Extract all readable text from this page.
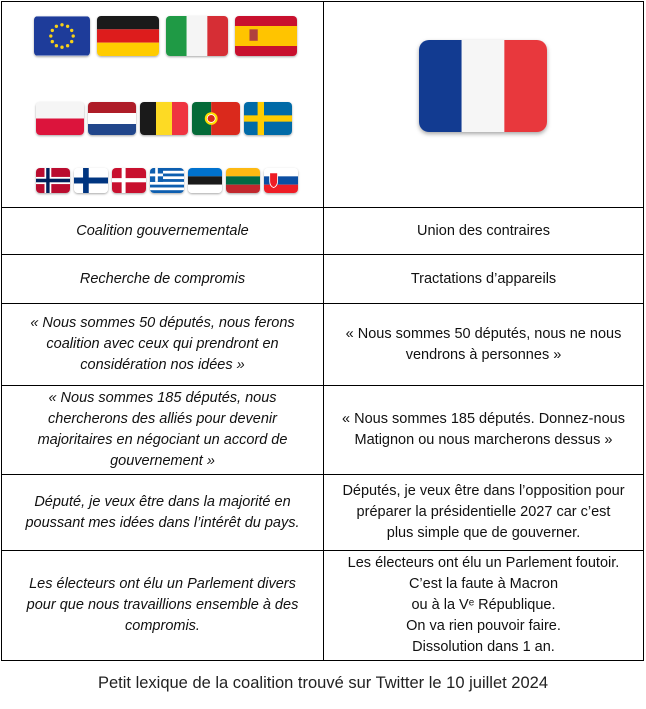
Coalition gouvernementale	Union des contraires
Recherche de compromis	Tractations d’appareils

« Nous sommes 50 députés, nous ferons
coalition avec ceux qui prendront en
considération nos idées »	« Nous sommes 50 députés, nous ne nous
vendrons à personnes »

« Nous sommes 185 députés, nous
chercherons des alliés pour devenir
majoritaires en négociant un accord de
gouvernement »	« Nous sommes 185 députés. Donnez-nous
Matignon ou nous marcherons dessus »

Député, je veux être dans la majorité en
poussant mes idées dans l’intérêt du pays.	Députés, je veux être dans l’opposition pour
préparer la présidentielle 2027 car c’est
plus simple que de gouverner.

Les électeurs ont élu un Parlement divers
pour que nous travaillions ensemble à des
compromis.	Les électeurs ont élu un Parlement foutoir.
C’est la faute à Macron
ou à la Vᵉ République.
On va rien pouvoir faire.
Dissolution dans 1 an.
Petit lexique de la coalition trouvé sur Twitter le 10 juillet 2024
